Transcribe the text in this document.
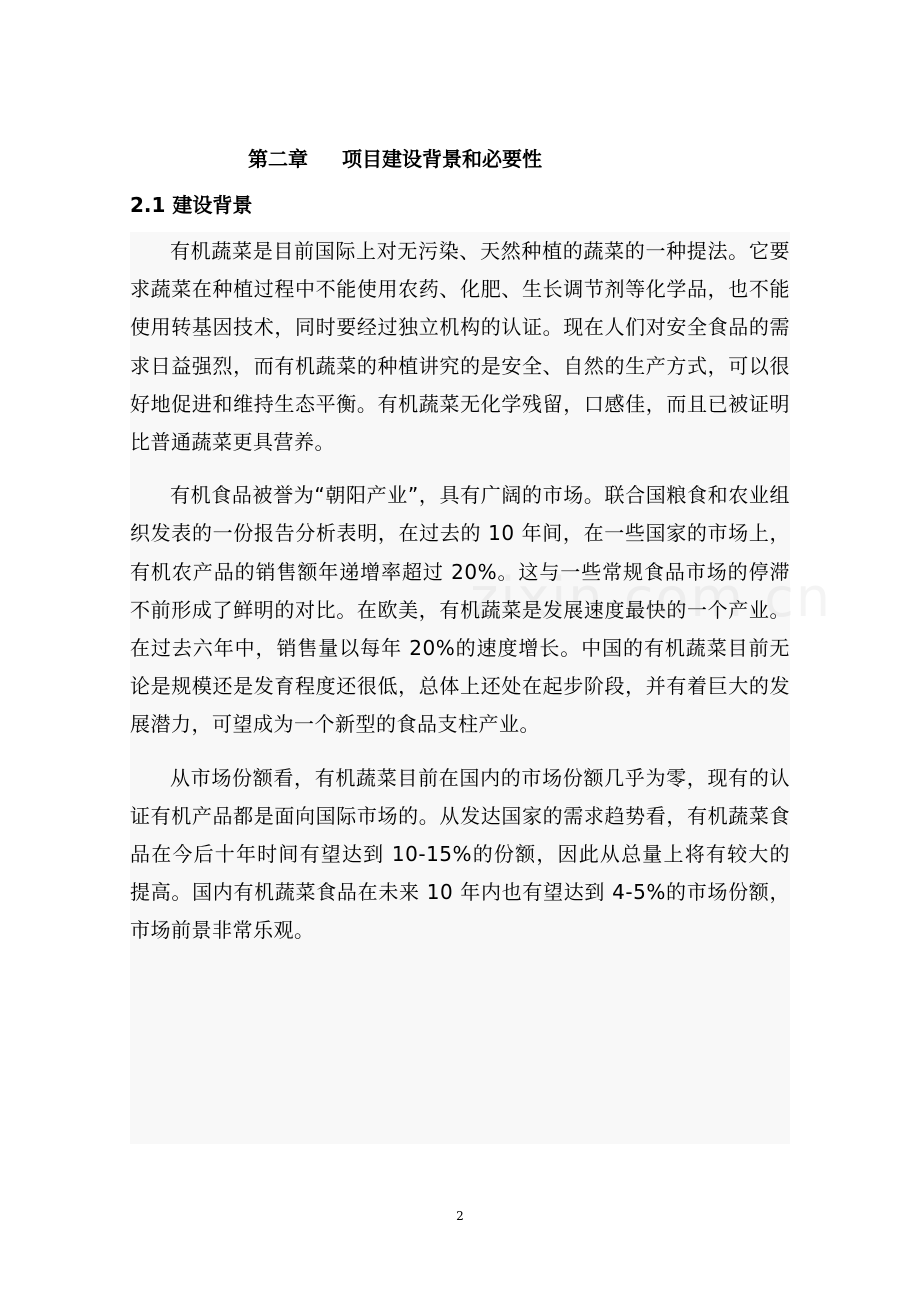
第二章 项目建设背景和必要性
2.1 建设背景

有机蔬菜是目前国际上对无污染、天然种植的蔬菜的一种提法。它要求蔬菜在种植过程中不能使用农药、化肥、生长调节剂等化学品，也不能使用转基因技术，同时要经过独立机构的认证。现在人们对安全食品的需求日益强烈，而有机蔬菜的种植讲究的是安全、自然的生产方式，可以很好地促进和维持生态平衡。有机蔬菜无化学残留，口感佳，而且已被证明比普通蔬菜更具营养。

有机食品被誉为“朝阳产业”，具有广阔的市场。联合国粮食和农业组织发表的一份报告分析表明，在过去的 10 年间，在一些国家的市场上，有机农产品的销售额年递增率超过 20%。这与一些常规食品市场的停滞不前形成了鲜明的对比。在欧美，有机蔬菜是发展速度最快的一个产业。在过去六年中，销售量以每年 20%的速度增长。中国的有机蔬菜目前无论是规模还是发育程度还很低，总体上还处在起步阶段，并有着巨大的发展潜力，可望成为一个新型的食品支柱产业。

从市场份额看，有机蔬菜目前在国内的市场份额几乎为零，现有的认证有机产品都是面向国际市场的。从发达国家的需求趋势看，有机蔬菜食品在今后十年时间有望达到 10-15%的份额，因此从总量上将有较大的提高。国内有机蔬菜食品在未来 10 年内也有望达到 4-5%的市场份额，市场前景非常乐观。

2
